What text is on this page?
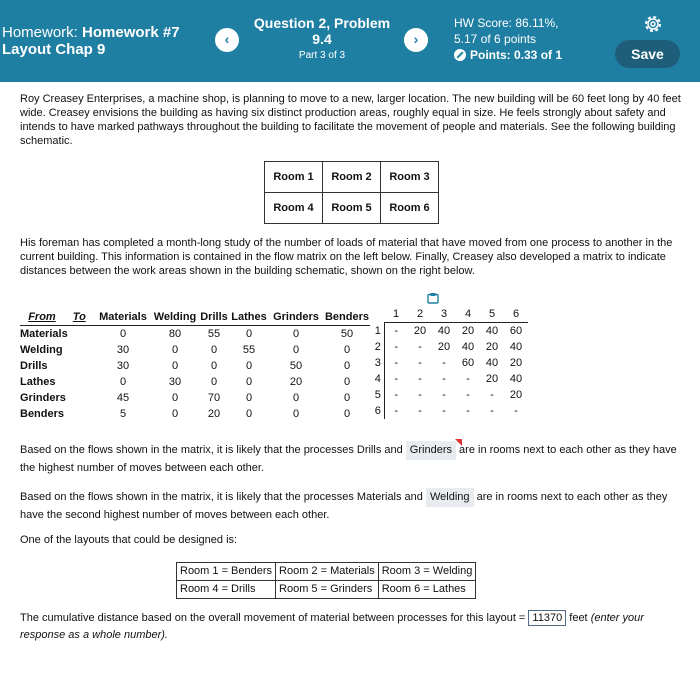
Homework: Homework #7
Layout Chap 9
‹
Question 2, Problem
9.4
Part 3 of 3
›
HW Score: 86.11%,
5.17 of 6 points
Points: 0.33 of 1	Save
Roy Creasey Enterprises, a machine shop, is planning to move to a new, larger location. The new building will be 60 feet long by 40 feet wide. Creasey envisions the building as having six distinct production areas, roughly equal in size. He feels strongly about safety and intends to have marked pathways throughout the building to facilitate the movement of people and materials. See the following building schematic.
Room 1	Room 2	Room 3
Room 4	Room 5	Room 6
His foreman has completed a month-long study of the number of loads of material that have moved from one process to another in the current building. This information is contained in the flow matrix on the left below. Finally, Creasey also developed a matrix to indicate distances between the work areas shown in the building schematic, shown on the right below.
From To	Materials	Welding	Drills	Lathes	Grinders	Benders
Materials	0	80	55	0	0	50
Welding	30	0	0	55	0	0
Drills	30	0	0	0	50	0
Lathes	0	30	0	0	20	0
Grinders	45	0	70	0	0	0
Benders	5	0	20	0	0	0
	1	2	3	4	5	6
1	-	20	40	20	40	60
2	-	-	20	40	20	40
3	-	-	-	60	40	20
4	-	-	-	-	20	40
5	-	-	-	-	-	20
6	-	-	-	-	-	-
Based on the flows shown in the matrix, it is likely that the processes Drills and Grinders are in rooms next to each other as they have the highest number of moves between each other.
Based on the flows shown in the matrix, it is likely that the processes Materials and Welding are in rooms next to each other as they have the second highest number of moves between each other.
One of the layouts that could be designed is:
Room 1 = Benders	Room 2 = Materials	Room 3 = Welding
Room 4 = Drills	Room 5 = Grinders	Room 6 = Lathes
The cumulative distance based on the overall movement of material between processes for this layout = 11370 feet (enter your response as a whole number).
